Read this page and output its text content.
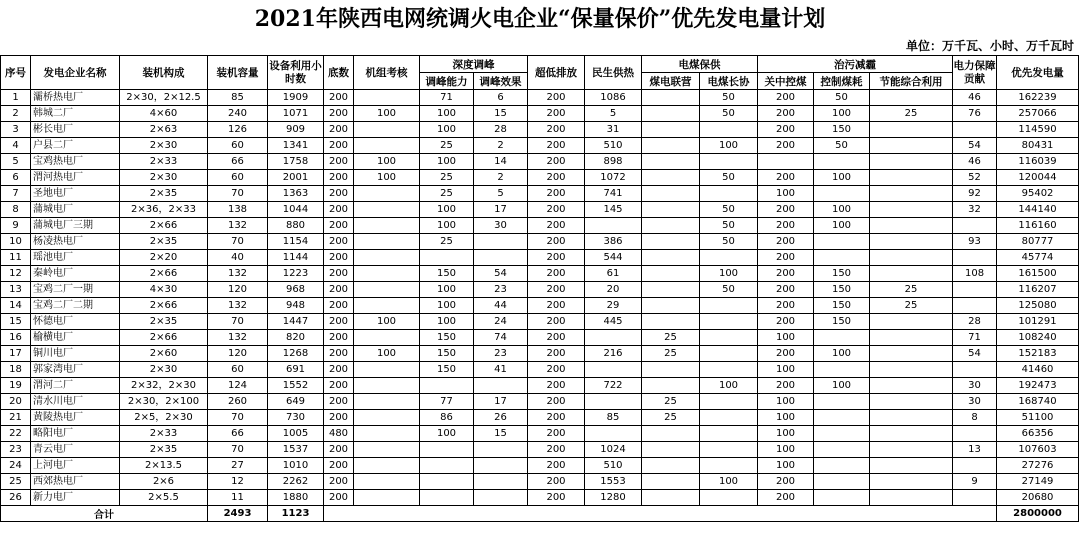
2021年陕西电网统调火电企业“保量保价”优先发电量计划
单位：万千瓦、小时、万千瓦时
序号	发电企业名称	装机构成	装机容量	设备利用小时数	底数	机组考核	深度调峰		超低排放	民生供热	电煤保供		治污减霾			电力保障贡献	优先发电量
							调峰能力	调峰效果			煤电联营	电煤长协	关中控煤	控制煤耗	节能综合利用		
1	灞桥热电厂	2×30，2×12.5	85	1909	200		71	6	200	1086		50	200	50		46	162239
2	韩城二厂	4×60	240	1071	200	100	100	15	200	5		50	200	100	25	76	257066
3	彬长电厂	2×63	126	909	200		100	28	200	31			200	150			114590
4	户县二厂	2×30	60	1341	200		25	2	200	510		100	200	50		54	80431
5	宝鸡热电厂	2×33	66	1758	200	100	100	14	200	898						46	116039
6	渭河热电厂	2×30	60	2001	200	100	25	2	200	1072		50	200	100		52	120044
7	圣地电厂	2×35	70	1363	200		25	5	200	741			100			92	95402
8	蒲城电厂	2×36，2×33	138	1044	200		100	17	200	145		50	200	100		32	144140
9	蒲城电厂三期	2×66	132	880	200		100	30	200			50	200	100			116160
10	杨凌热电厂	2×35	70	1154	200		25		200	386		50	200			93	80777
11	瑶池电厂	2×20	40	1144	200				200	544			200				45774
12	秦岭电厂	2×66	132	1223	200		150	54	200	61		100	200	150		108	161500
13	宝鸡二厂一期	4×30	120	968	200		100	23	200	20		50	200	150	25		116207
14	宝鸡二厂二期	2×66	132	948	200		100	44	200	29			200	150	25		125080
15	怀德电厂	2×35	70	1447	200	100	100	24	200	445			200	150		28	101291
16	榆横电厂	2×66	132	820	200		150	74	200		25		100			71	108240
17	铜川电厂	2×60	120	1268	200	100	150	23	200	216	25		200	100		54	152183
18	郭家湾电厂	2×30	60	691	200		150	41	200				100				41460
19	渭河二厂	2×32，2×30	124	1552	200				200	722		100	200	100		30	192473
20	清水川电厂	2×30，2×100	260	649	200		77	17	200		25		100			30	168740
21	黄陵热电厂	2×5，2×30	70	730	200		86	26	200	85	25		100			8	51100
22	略阳电厂	2×33	66	1005	480		100	15	200				100				66356
23	青云电厂	2×35	70	1537	200				200	1024			100			13	107603
24	上河电厂	2×13.5	27	1010	200				200	510			100				27276
25	西郊热电厂	2×6	12	2262	200				200	1553		100	200			9	27149
26	新力电厂	2×5.5	11	1880	200				200	1280			200				20680
合计			2493	1123													2800000
